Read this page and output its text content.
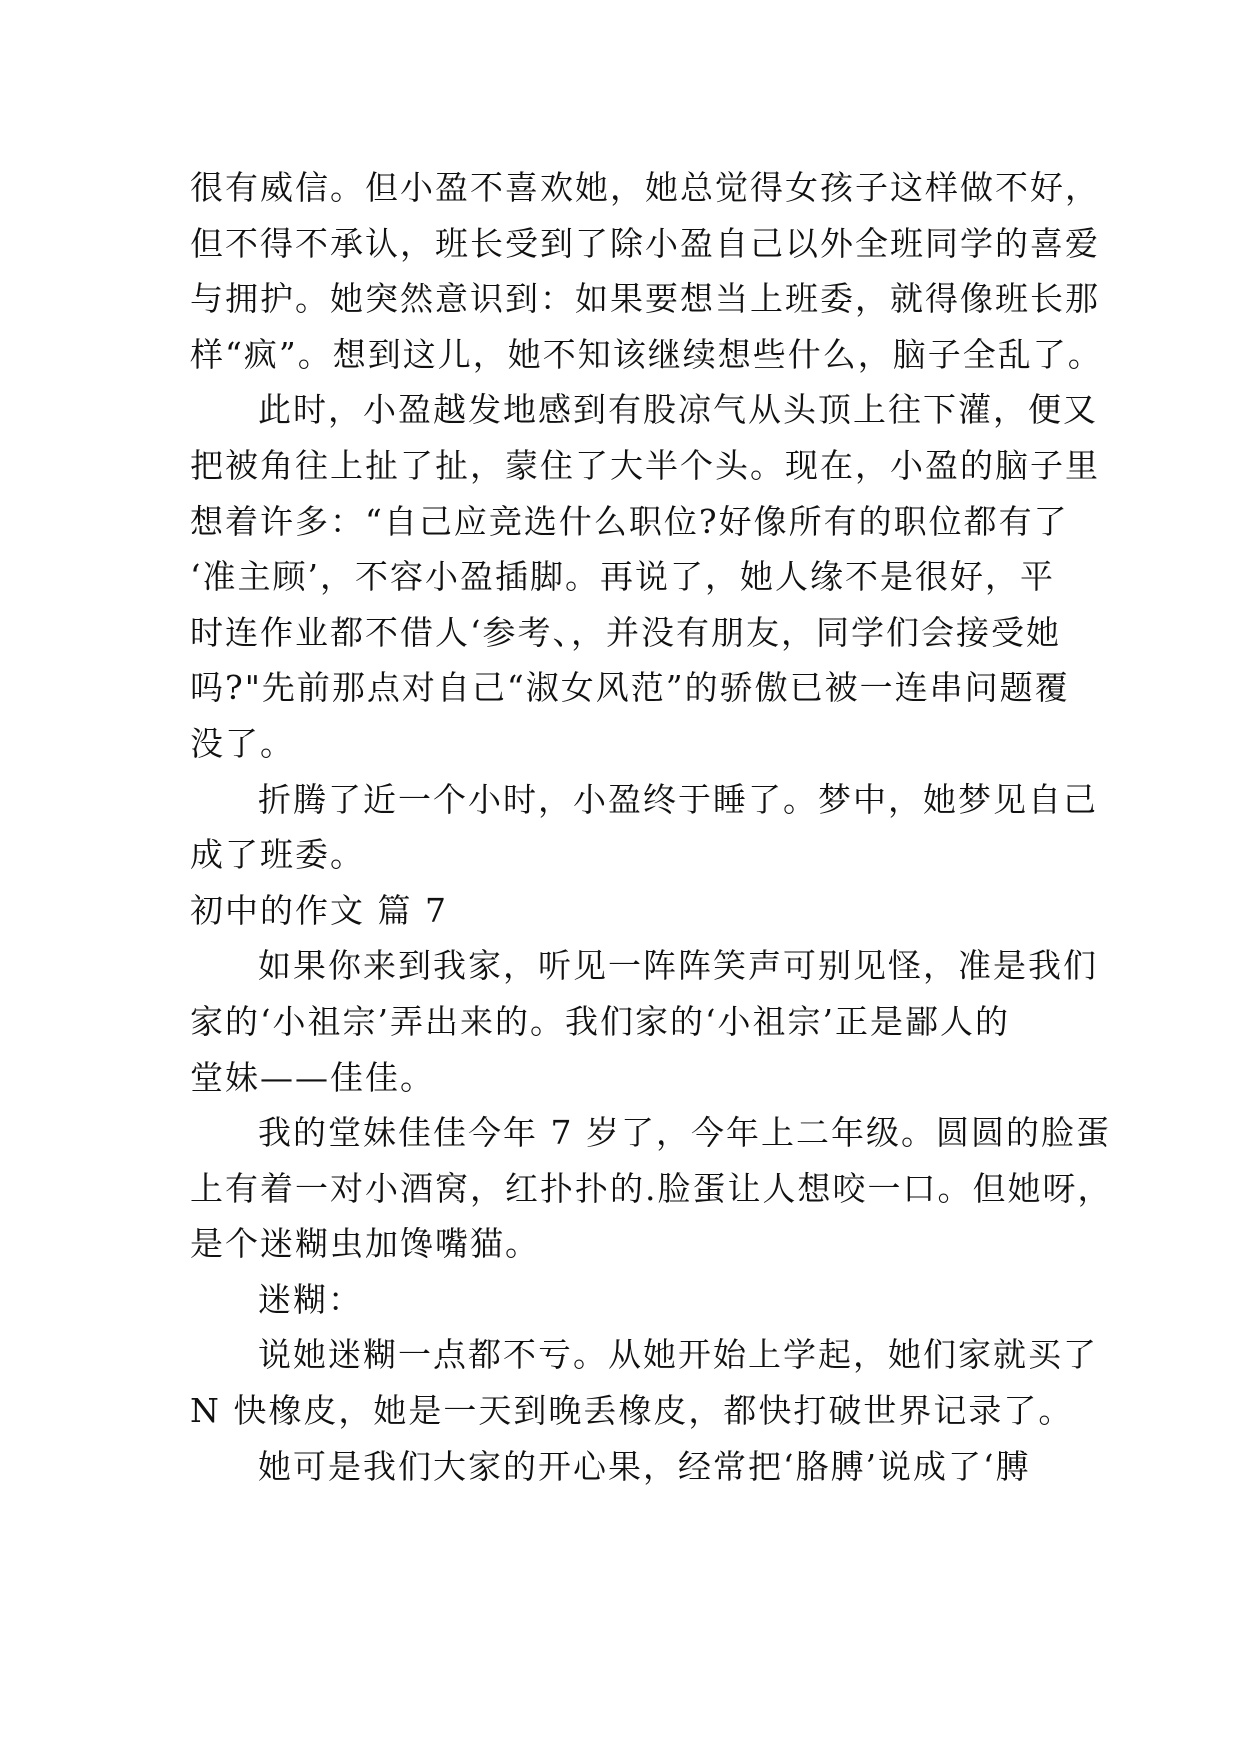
很有威信。但小盈不喜欢她，她总觉得女孩子这样做不好，

但不得不承认，班长受到了除小盈自己以外全班同学的喜爱

与拥护。她突然意识到：如果要想当上班委，就得像班长那

样“疯”。想到这儿，她不知该继续想些什么，脑子全乱了。

此时，小盈越发地感到有股凉气从头顶上往下灌，便又

把被角往上扯了扯，蒙住了大半个头。现在，小盈的脑子里

想着许多：“自己应竞选什么职位?好像所有的职位都有了

‘准主顾’，不容小盈插脚。再说了，她人缘不是很好，平

时连作业都不借人‘参考、，并没有朋友，同学们会接受她

吗?"先前那点对自己“淑女风范”的骄傲已被一连串问题覆

没了。

折腾了近一个小时，小盈终于睡了。梦中，她梦见自己

成了班委。

初中的作文 篇 7

如果你来到我家，听见一阵阵笑声可别见怪，准是我们

家的‘小祖宗’弄出来的。我们家的‘小祖宗’正是鄙人的

堂妹——佳佳。

我的堂妹佳佳今年 7 岁了，今年上二年级。圆圆的脸蛋

上有着一对小酒窝，红扑扑的.脸蛋让人想咬一口。但她呀，

是个迷糊虫加馋嘴猫。

迷糊：

说她迷糊一点都不亏。从她开始上学起，她们家就买了

N 快橡皮，她是一天到晚丢橡皮，都快打破世界记录了。

她可是我们大家的开心果，经常把‘胳膊’说成了‘膊
